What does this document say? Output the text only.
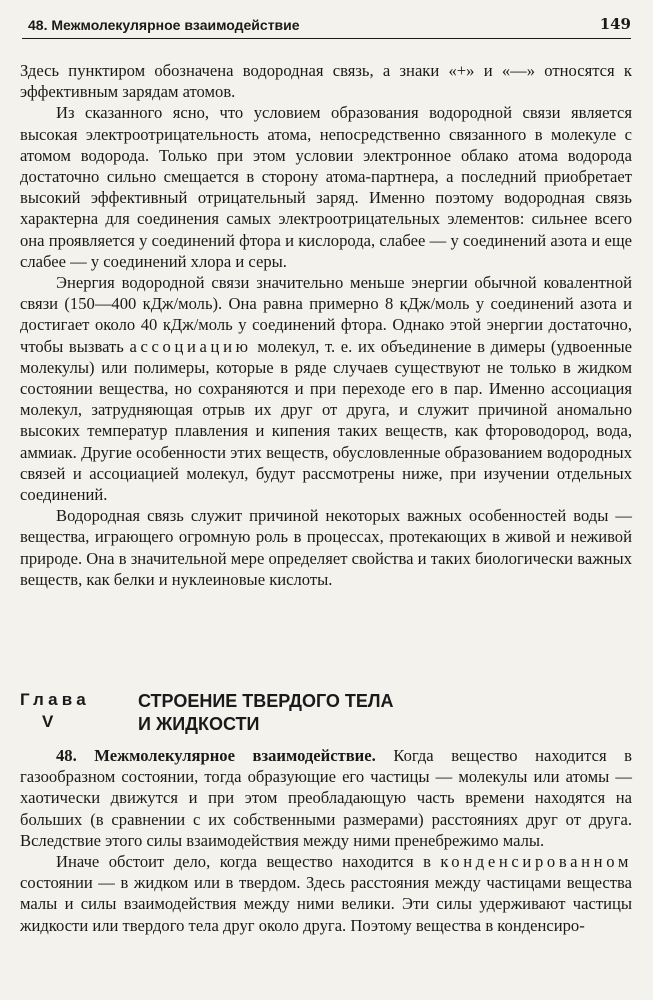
48. Межмолекулярное взаимодействие	149

Здесь пунктиром обозначена водородная связь, а знаки «+» и «—» относятся к эффективным зарядам атомов.

Из сказанного ясно, что условием образования водородной связи является высокая электроотрицательность атома, непосредственно связанного в молекуле с атомом водорода. Только при этом условии электронное облако атома водорода достаточно сильно смещается в сторону атома-партнера, а последний приобретает высокий эффективный отрицательный заряд. Именно поэтому водородная связь характерна для соединения самых электроотрицательных элементов: сильнее всего она проявляется у соединений фтора и кислорода, слабее — у соединений азота и еще слабее — у соединений хлора и серы.

Энергия водородной связи значительно меньше энергии обычной ковалентной связи (150—400 кДж/моль). Она равна примерно 8 кДж/моль у соединений азота и достигает около 40 кДж/моль у соединений фтора. Однако этой энергии достаточно, чтобы вызвать ассоциацию молекул, т. е. их объединение в димеры (удвоенные молекулы) или полимеры, которые в ряде случаев существуют не только в жидком состоянии вещества, но сохраняются и при переходе его в пар. Именно ассоциация молекул, затрудняющая отрыв их друг от друга, и служит причиной аномально высоких температур плавления и кипения таких веществ, как фтороводород, вода, аммиак. Другие особенности этих веществ, обусловленные образованием водородных связей и ассоциацией молекул, будут рассмотрены ниже, при изучении отдельных соединений.

Водородная связь служит причиной некоторых важных особенностей воды — вещества, играющего огромную роль в процессах, протекающих в живой и неживой природе. Она в значительной мере определяет свойства и таких биологически важных веществ, как белки и нуклеиновые кислоты.

Глава
V
СТРОЕНИЕ ТВЕРДОГО ТЕЛА
И ЖИДКОСТИ

48. Межмолекулярное взаимодействие. Когда вещество находится в газообразном состоянии, тогда образующие его частицы — молекулы или атомы — хаотически движутся и при этом преобладающую часть времени находятся на больших (в сравнении с их собственными размерами) расстояниях друг от друга. Вследствие этого силы взаимодействия между ними пренебрежимо малы.

Иначе обстоит дело, когда вещество находится в конденсированном состоянии — в жидком или в твердом. Здесь расстояния между частицами вещества малы и силы взаимодействия между ними велики. Эти силы удерживают частицы жидкости или твердого тела друг около друга. Поэтому вещества в конденсиро-
